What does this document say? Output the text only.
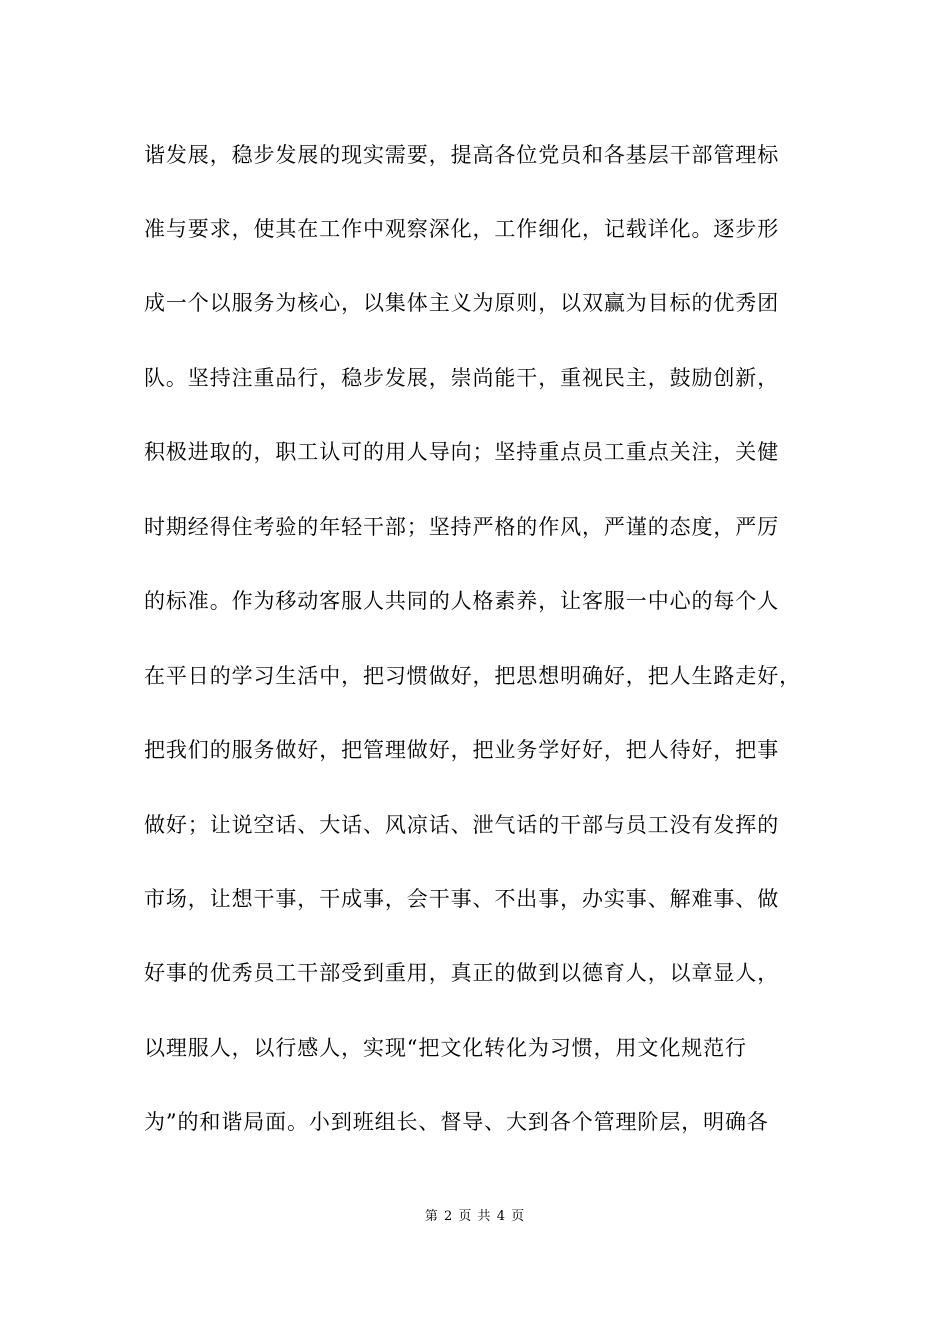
谐发展，稳步发展的现实需要，提高各位党员和各基层干部管理标
准与要求，使其在工作中观察深化，工作细化，记载详化。逐步形
成一个以服务为核心，以集体主义为原则，以双赢为目标的优秀团
队。坚持注重品行，稳步发展，崇尚能干，重视民主，鼓励创新，
积极进取的，职工认可的用人导向；坚持重点员工重点关注，关健
时期经得住考验的年轻干部；坚持严格的作风，严谨的态度，严厉
的标准。作为移动客服人共同的人格素养，让客服一中心的每个人
在平日的学习生活中，把习惯做好，把思想明确好，把人生路走好，
把我们的服务做好，把管理做好，把业务学好好，把人待好，把事
做好；让说空话、大话、风凉话、泄气话的干部与员工没有发挥的
市场，让想干事，干成事，会干事、不出事，办实事、解难事、做
好事的优秀员工干部受到重用，真正的做到以德育人，以章显人，
以理服人，以行感人，实现“把文化转化为习惯，用文化规范行
为”的和谐局面。小到班组长、督导、大到各个管理阶层，明确各
第 2 页 共 4 页
